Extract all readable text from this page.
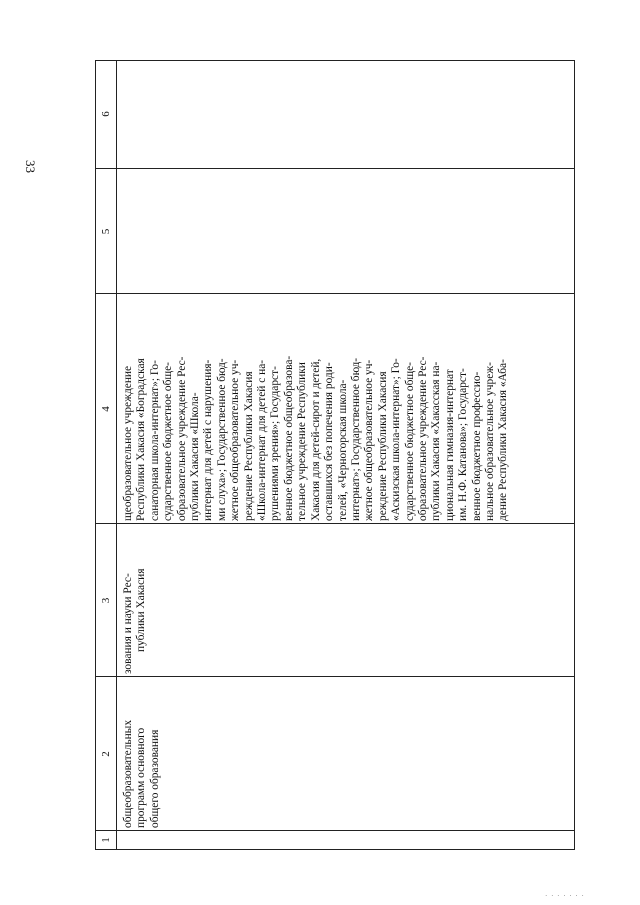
33
1
2
3
4
5
6
общеобразовательных программ основного общего образования
зования и науки Рес- публики Хакасия
щеобразовательное учреждение Республики Хакасия «Боградская санаторная школа-интернат»; Го- сударственное бюджетное обще- образовательное учреждение Рес- публики Хакасия «Школа- интернат для детей с нарушения- ми слуха»; Государственное бюд- жетное общеобразовательное уч- реждение Республики Хакасия «Школа-интернат для детей с на- рушениями зрения»; Государст- венное бюджетное общеобразова- тельное учреждение Республики Хакасия для детей-сирот и детей, оставшихся без попечения роди- телей, «Черногорская школа- интернат»; Государственное бюд- жетное общеобразовательное уч- реждение Республики Хакасия «Аскизская школа-интернат»; Го- сударственное бюджетное обще- образовательное учреждение Рес- публики Хакасия «Хакасская на- циональная гимназия-интернат им. Н.Ф. Катанова»; Государст- венное бюджетное профессио- нальное образовательное учреж- дение Республики Хакасия «Аба-
· · · · · · ·
